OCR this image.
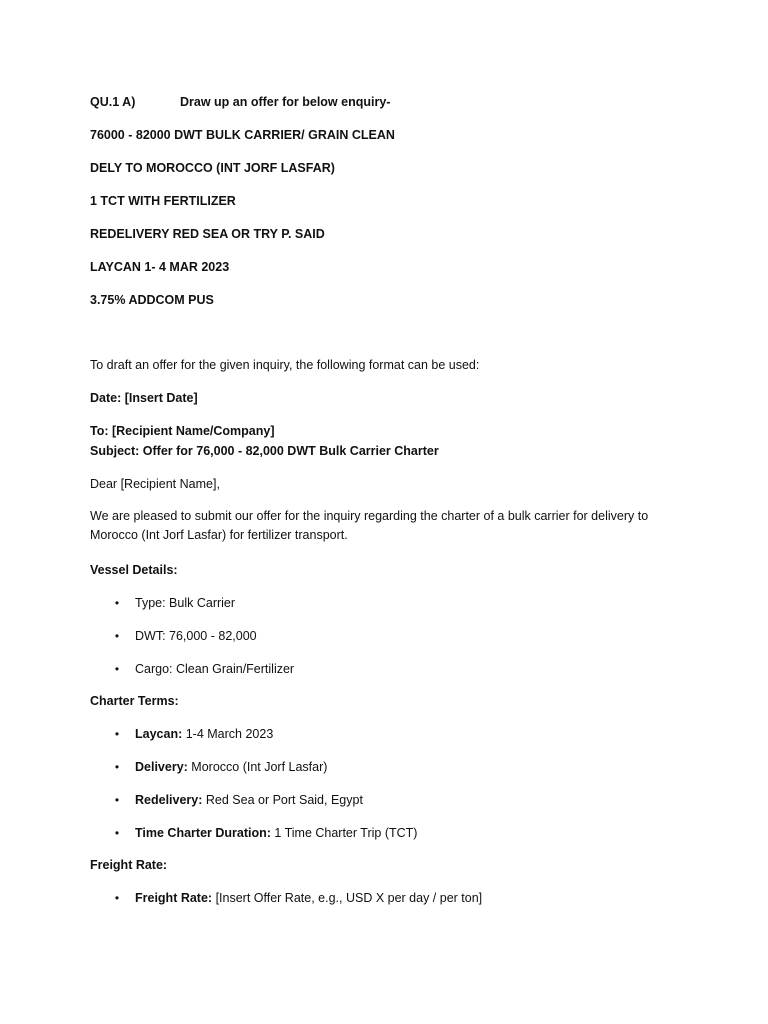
QU.1 A)	Draw up an offer for below enquiry-
76000 - 82000 DWT BULK CARRIER/ GRAIN CLEAN
DELY TO MOROCCO (INT JORF LASFAR)
1 TCT WITH FERTILIZER
REDELIVERY RED SEA OR TRY P. SAID
LAYCAN 1- 4 MAR 2023
3.75% ADDCOM PUS
To draft an offer for the given inquiry, the following format can be used:
Date: [Insert Date]
To: [Recipient Name/Company]
Subject: Offer for 76,000 - 82,000 DWT Bulk Carrier Charter
Dear [Recipient Name],
We are pleased to submit our offer for the inquiry regarding the charter of a bulk carrier for delivery to Morocco (Int Jorf Lasfar) for fertilizer transport.
Vessel Details:
• Type: Bulk Carrier
• DWT: 76,000 - 82,000
• Cargo: Clean Grain/Fertilizer
Charter Terms:
• Laycan: 1-4 March 2023
• Delivery: Morocco (Int Jorf Lasfar)
• Redelivery: Red Sea or Port Said, Egypt
• Time Charter Duration: 1 Time Charter Trip (TCT)
Freight Rate:
• Freight Rate: [Insert Offer Rate, e.g., USD X per day / per ton]
